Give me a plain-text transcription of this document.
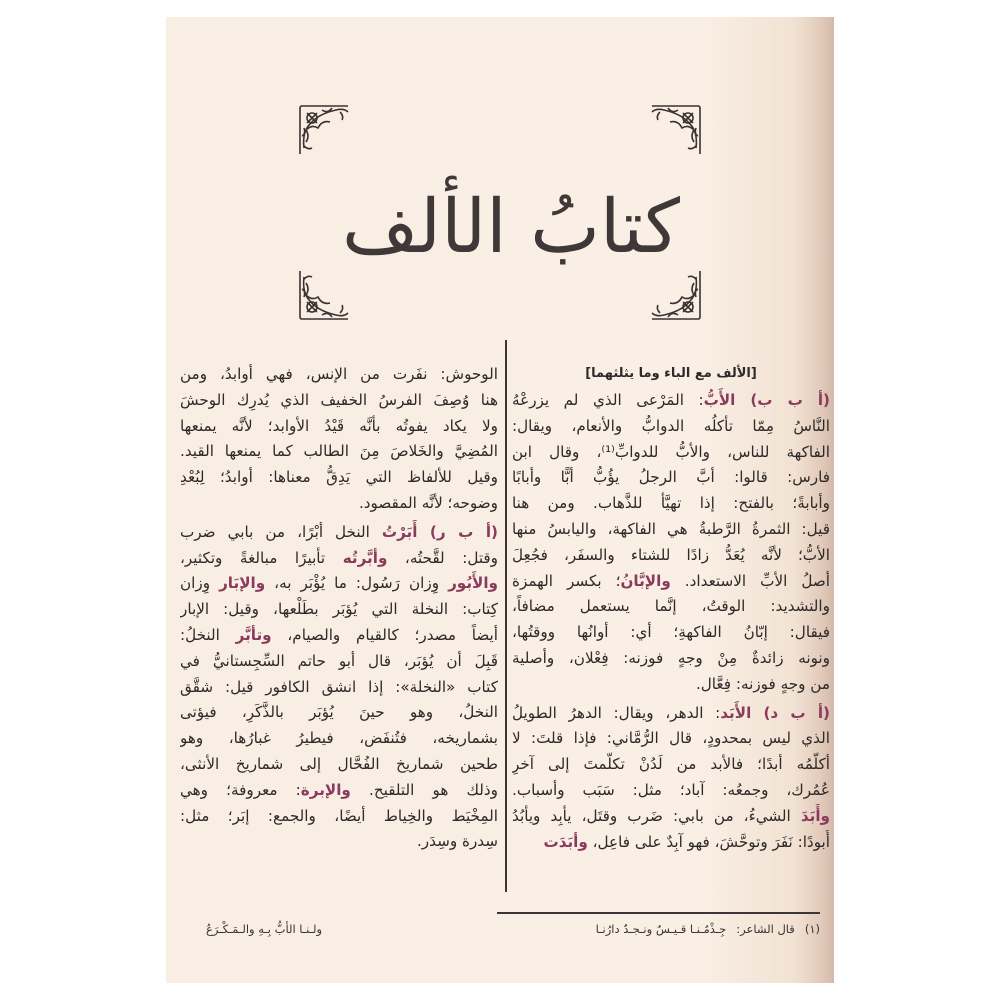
كتابُ الألف
[الألف مع الباء وما يثلثهما]
(أ ب ب) الأَبُّ: المَرْعى الذي لم يزرعْهُ
النَّاسُ مِمّا تأكلُه الدوابُّ والأنعام، ويقال:
الفاكهة للناس، والأبُّ للدوابِّ⁽¹⁾، وقال ابن
فارس: قالوا: أبَّ الرجلُ يؤُبُّ أبًّا وأبابًا
وأبابةً؛ بالفتح: إذا تهيَّأ للذَّهاب. ومن هنا
قيل: الثمرةُ الرَّطبةُ هي الفاكهة، واليابسُ منها
الأبُّ؛ لأنَّه يُعَدُّ زادًا للشتاء والسفَر، فجُعِلَ
أصلُ الأبِّ الاستعداد. والإبَّانُ؛ بكسر الهمزة
والتشديد: الوقتُ، إنَّما يستعمل مضافاً،
فيقال: إبّانُ الفاكهةِ؛ أي: أوانُها ووقتُها،
ونونه زائدةٌ مِنْ وجهٍ فوزنه: فِعْلان، وأصلية
من وجهٍ فوزنه: فِعَّال.
(أ ب د) الأَبَد: الدهر، ويقال: الدهرُ الطويلُ
الذي ليس بمحدودٍ، قال الرُّمَّاني: فإذا قلتَ: لا
أكلّمُه أبدًا؛ فالأبد من لَدُنْ تكلّمتَ إلى آخرِ
عُمُرك، وجمعُه: آباد؛ مثل: سَبَب وأسباب.
وأَبَدَ الشيءُ، من بابي: ضَرب وقتَل، يأبِد ويأبُدُ
أُبودًا: نَفَرَ وتوحَّشَ، فهو آبِدٌ على فاعِل، وأبَدَت
الوحوش: نفَرت من الإنس، فهي أوابدُ، ومن
هنا وُصِفَ الفرسُ الخفيف الذي يُدرِك الوحشَ
ولا يكاد يفوتُه بأنَّه قَيْدُ الأوابد؛ لأنَّه يمنعها
المُضِيَّ والخَلاصَ مِنَ الطالب كما يمنعها القيد.
وقيل للألفاظ التي يَدِقُّ معناها: أوابدُ؛ لِبُعْدِ
وضوحه؛ لأنَّه المقصود.
(أ ب ر) أَبَرْتُ النخل أبْرًا، من بابي ضرب
وقتل: لقَّحتُه، وأبَّرتُه تأبيرًا مبالغةً وتكثير،
والأَبُور وِزان رَسُول: ما يُؤْبَر به، والإبَار وِزان
كِتاب: النخلة التي يُؤبَر بطَلْعها، وقيل: الإبار
أيضاً مصدر؛ كالقيام والصيام، وتأبَّر النخلُ:
قَبِلَ أن يُؤبَر، قال أبو حاتم السِّجِستانيُّ في
كتاب «النخلة»: إذا انشق الكافور قيل: شقَّق
النخلُ، وهو حينَ يُؤبَر بالذَّكَرِ، فيؤتى
بشماريخه، فتُنفَض، فيطيرُ غبارُها، وهو
طحين شماريخ الفُحَّال إلى شماريخ الأنثى،
وذلك هو التلقيح. والإبرة: معروفة؛ وهي
المِخْيَط والخِياط أيضًا، والجمع: إبَر؛ مثل:
سِدرة وسِدَر.
(١)
قال الشاعر:
جِـذْمُـنـا قـيـسٌ ونـجـدٌ دارُنـا
ولـنـا الأبُّ بِـهِ والـمَـكْـرَعُ
